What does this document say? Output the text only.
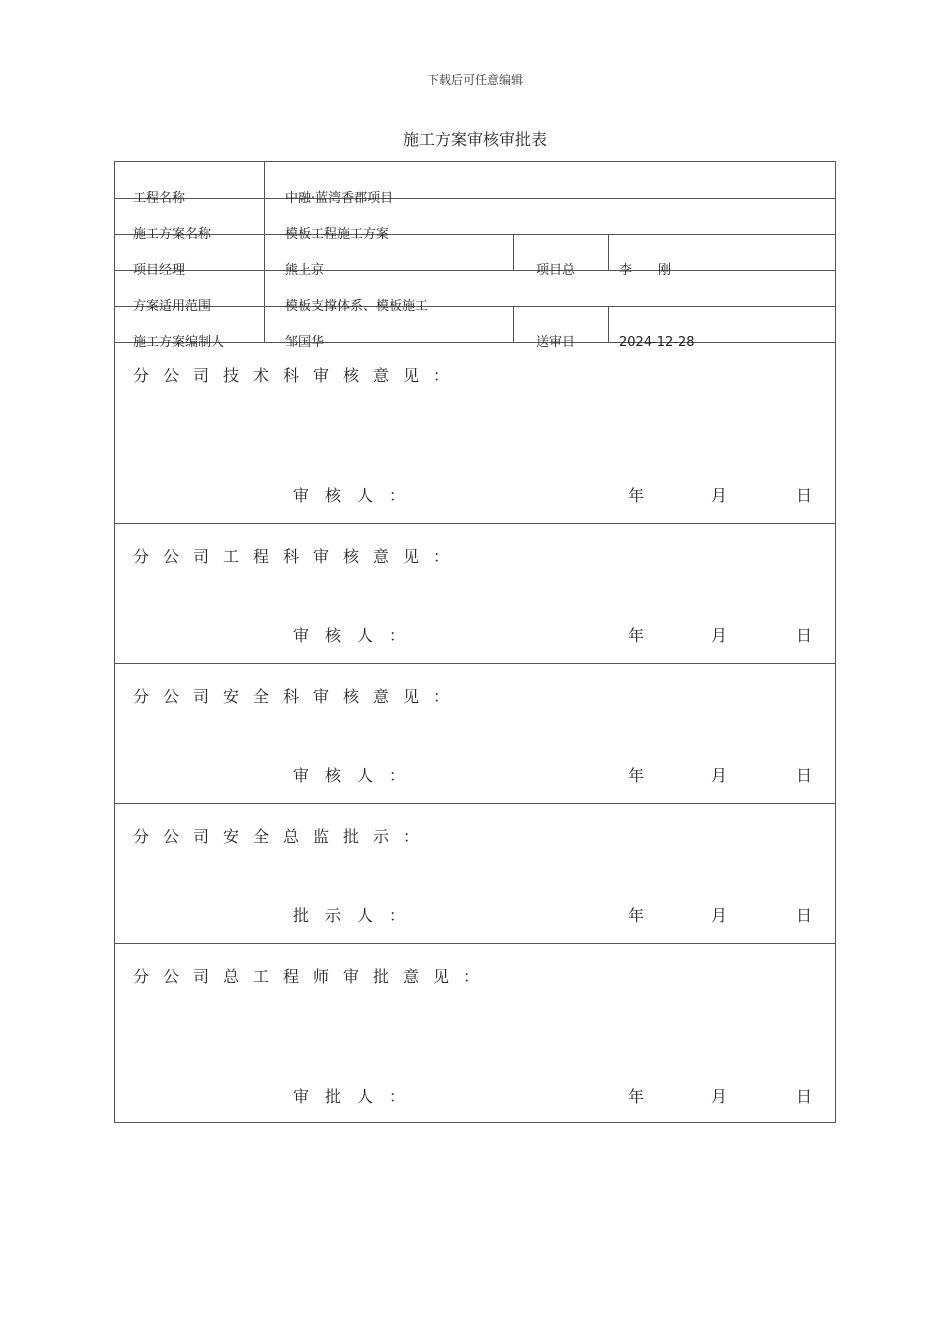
下载后可任意编辑
施工方案审核审批表
工程名称	中融·蓝湾香郡项目
施工方案名称	模板工程施工方案
项目经理	熊上京	项目总	李　　刚
方案适用范围	模板支撑体系、模板施工
施工方案编制人	邹国华	送审日	2024-12-28
分公司技术科审核意见：
审核人：	年	月	日
分公司工程科审核意见：
审核人：	年	月	日
分公司安全科审核意见：
审核人：	年	月	日
分公司安全总监批示：
批示人：	年	月	日
分公司总工程师审批意见：
审批人：	年	月	日
